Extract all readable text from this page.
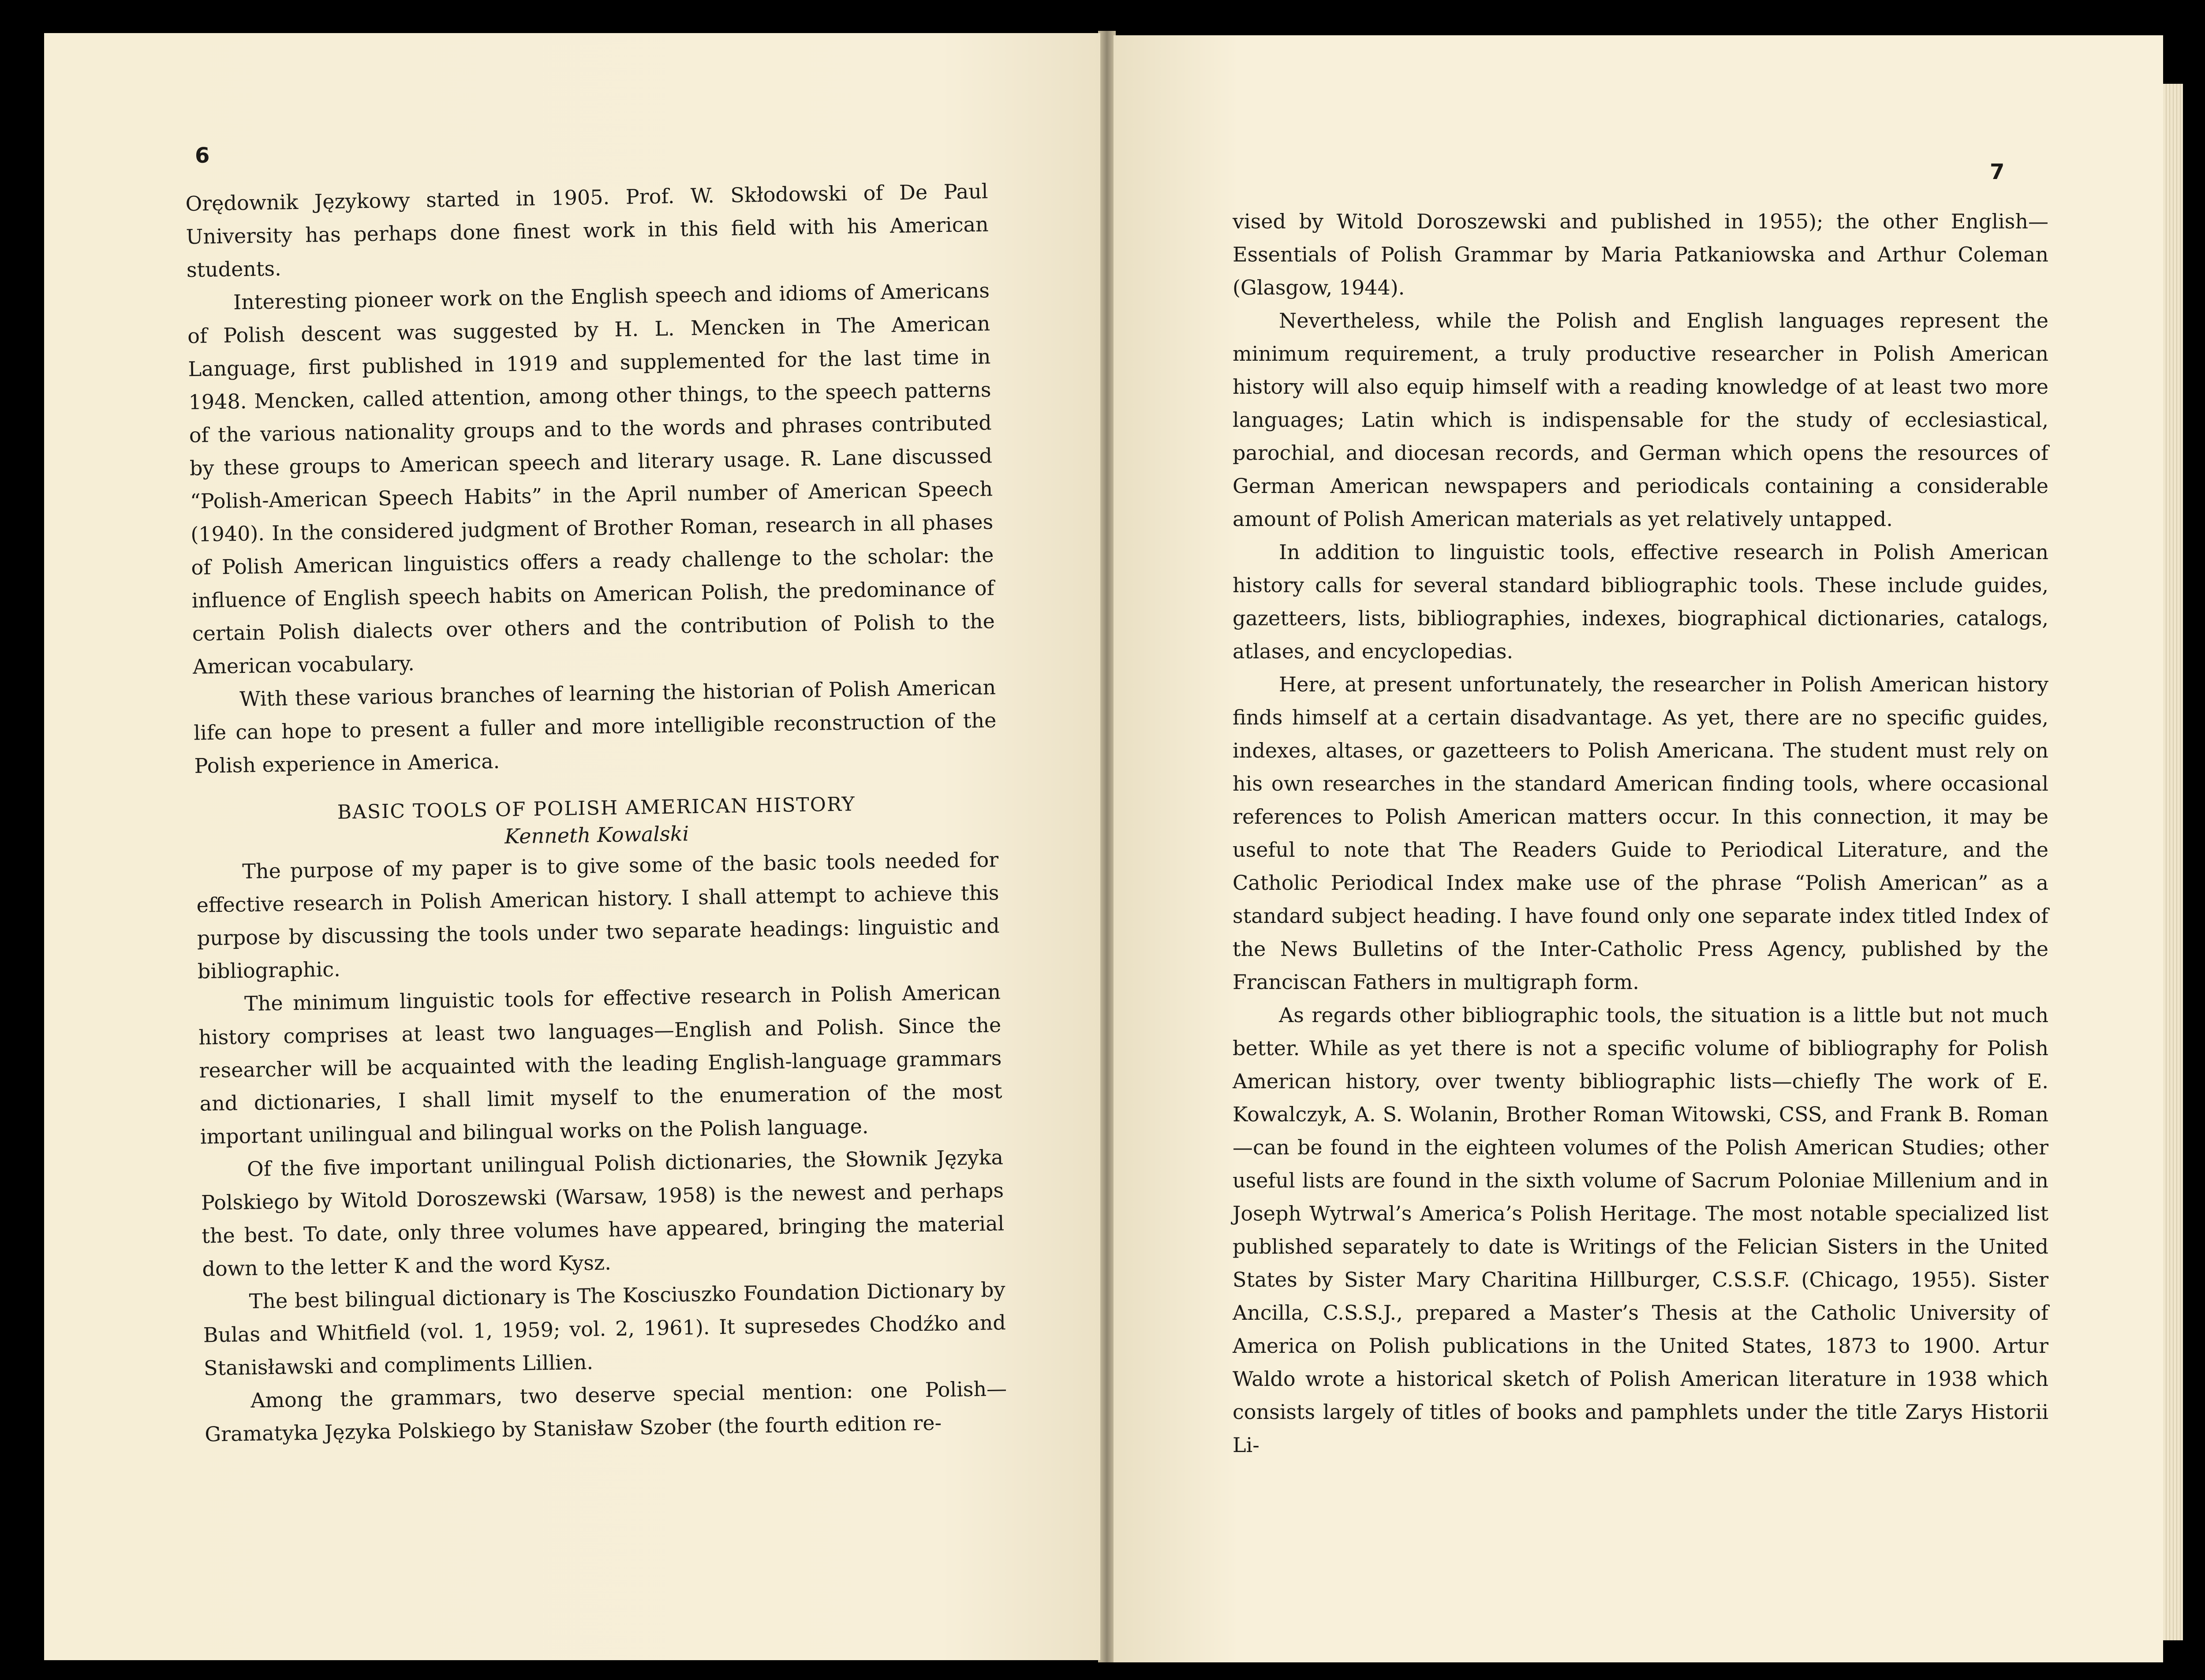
6
7

Orędownik Językowy started in 1905. Prof. W. Skłodowski of De Paul University has perhaps done finest work in this field with his American students.

Interesting pioneer work on the English speech and idioms of Americans of Polish descent was suggested by H. L. Mencken in The American Language, first published in 1919 and supplemented for the last time in 1948. Mencken, called attention, among other things, to the speech patterns of the various nationality groups and to the words and phrases contributed by these groups to American speech and literary usage. R. Lane discussed “Polish-American Speech Habits” in the April number of American Speech (1940). In the considered judgment of Brother Roman, research in all phases of Polish American linguistics offers a ready challenge to the scholar: the influence of English speech habits on American Polish, the predominance of certain Polish dialects over others and the contribution of Polish to the American vocabulary.

With these various branches of learning the historian of Polish American life can hope to present a fuller and more intelligible reconstruction of the Polish experience in America.

BASIC TOOLS OF POLISH AMERICAN HISTORY
Kenneth Kowalski

The purpose of my paper is to give some of the basic tools needed for effective research in Polish American history. I shall attempt to achieve this purpose by discussing the tools under two separate headings: linguistic and bibliographic.

The minimum linguistic tools for effective research in Polish American history comprises at least two languages—English and Polish. Since the researcher will be acquainted with the leading English-language grammars and dictionaries, I shall limit myself to the enumeration of the most important unilingual and bilingual works on the Polish language.

Of the five important unilingual Polish dictionaries, the Słownik Języka Polskiego by Witold Doroszewski (Warsaw, 1958) is the newest and perhaps the best. To date, only three volumes have appeared, bringing the material down to the letter K and the word Kysz.

The best bilingual dictionary is The Kosciuszko Foundation Dictionary by Bulas and Whitfield (vol. 1, 1959; vol. 2, 1961). It supresedes Chodźko and Stanisławski and compliments Lillien.

Among the grammars, two deserve special mention: one Polish—Gramatyka Języka Polskiego by Stanisław Szober (the fourth edition re-

vised by Witold Doroszewski and published in 1955); the other English—Essentials of Polish Grammar by Maria Patkaniowska and Arthur Coleman (Glasgow, 1944).

Nevertheless, while the Polish and English languages represent the minimum requirement, a truly productive researcher in Polish American history will also equip himself with a reading knowledge of at least two more languages; Latin which is indispensable for the study of ecclesiastical, parochial, and diocesan records, and German which opens the resources of German American newspapers and periodicals containing a considerable amount of Polish American materials as yet relatively untapped.

In addition to linguistic tools, effective research in Polish American history calls for several standard bibliographic tools. These include guides, gazetteers, lists, bibliographies, indexes, biographical dictionaries, catalogs, atlases, and encyclopedias.

Here, at present unfortunately, the researcher in Polish American history finds himself at a certain disadvantage. As yet, there are no specific guides, indexes, altases, or gazetteers to Polish Americana. The student must rely on his own researches in the standard American finding tools, where occasional references to Polish American matters occur. In this connection, it may be useful to note that The Readers Guide to Periodical Literature, and the Catholic Periodical Index make use of the phrase “Polish American” as a standard subject heading. I have found only one separate index titled Index of the News Bulletins of the Inter-Catholic Press Agency, published by the Franciscan Fathers in multigraph form.

As regards other bibliographic tools, the situation is a little but not much better. While as yet there is not a specific volume of bibliography for Polish American history, over twenty bibliographic lists—chiefly The work of E. Kowalczyk, A. S. Wolanin, Brother Roman Witowski, CSS, and Frank B. Roman—can be found in the eighteen volumes of the Polish American Studies; other useful lists are found in the sixth volume of Sacrum Poloniae Millenium and in Joseph Wytrwal’s America’s Polish Heritage. The most notable specialized list published separately to date is Writings of the Felician Sisters in the United States by Sister Mary Charitina Hillburger, C.S.S.F. (Chicago, 1955). Sister Ancilla, C.S.S.J., prepared a Master’s Thesis at the Catholic University of America on Polish publications in the United States, 1873 to 1900. Artur Waldo wrote a historical sketch of Polish American literature in 1938 which consists largely of titles of books and pamphlets under the title Zarys Historii Li-
